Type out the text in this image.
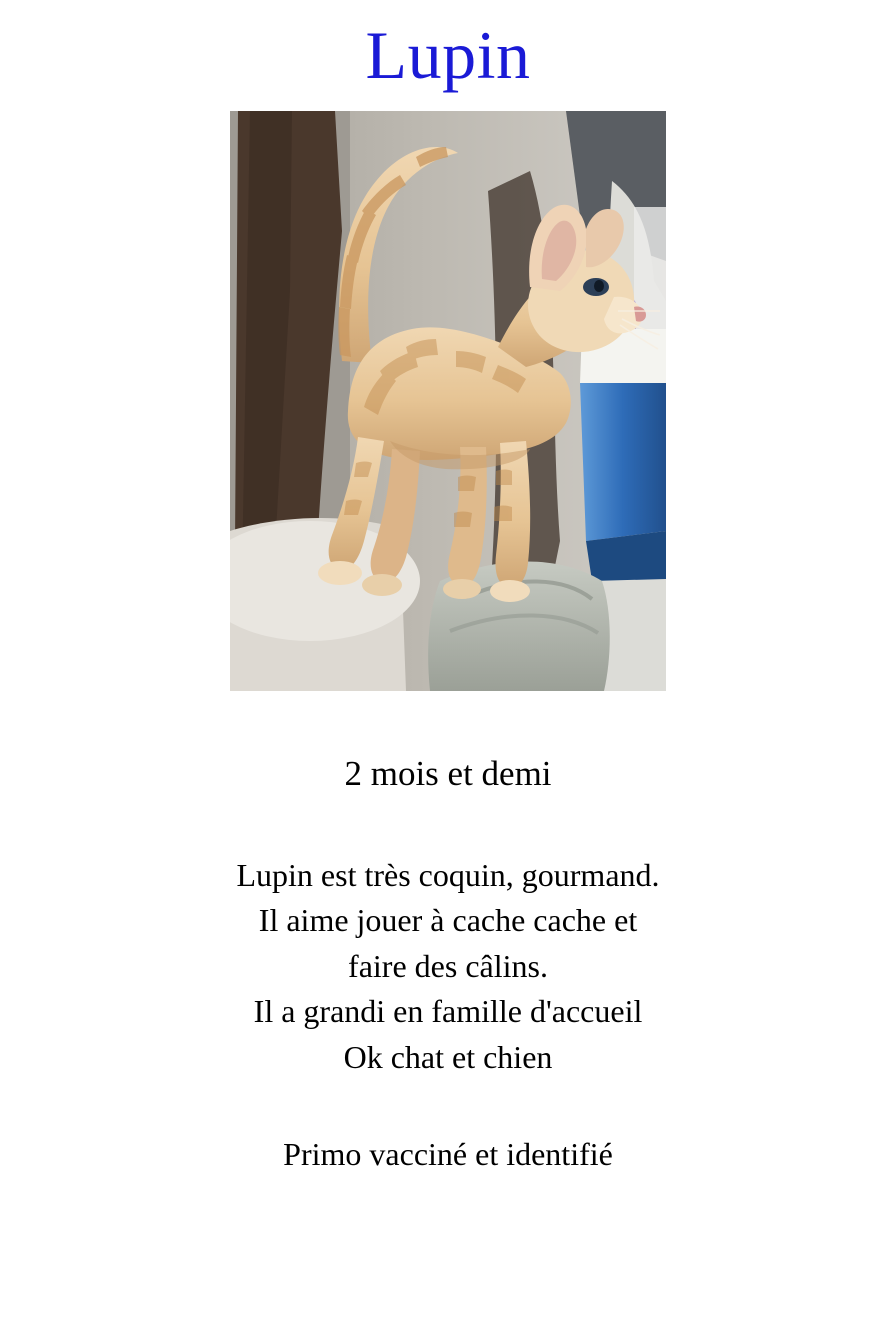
Lupin
2 mois et demi
Lupin est très coquin, gourmand.
Il aime jouer à cache cache et
faire des câlins.
Il a grandi en famille d'accueil
Ok chat et chien
Primo vacciné et identifié
